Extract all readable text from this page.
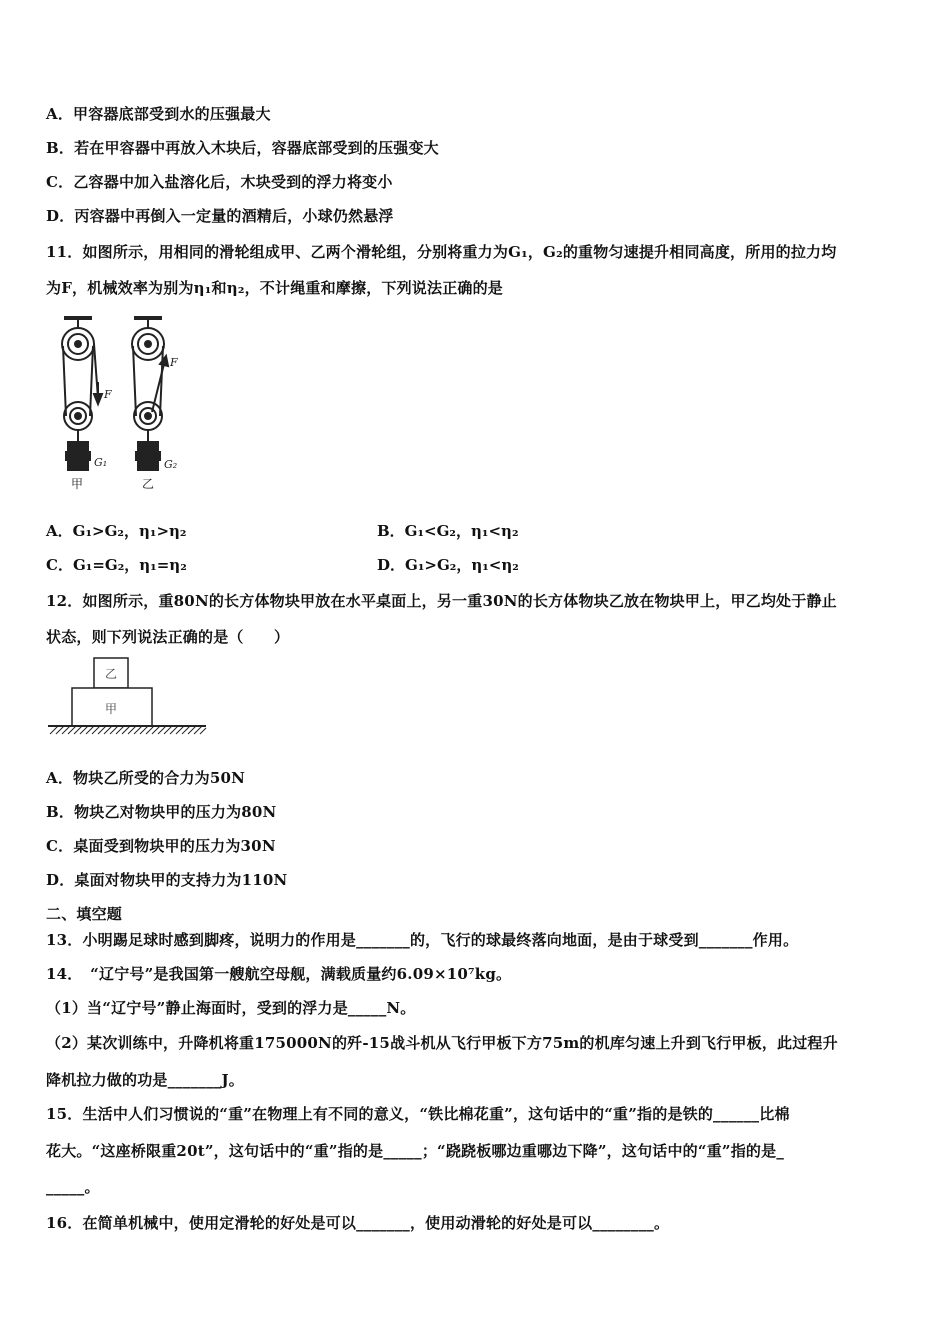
A．甲容器底部受到水的压强最大
B．若在甲容器中再放入木块后，容器底部受到的压强变大
C．乙容器中加入盐溶化后，木块受到的浮力将变小
D．丙容器中再倒入一定量的酒精后，小球仍然悬浮
11．如图所示，用相同的滑轮组成甲、乙两个滑轮组，分别将重力为G₁，G₂的重物匀速提升相同高度，所用的拉力均
为F，机械效率为别为η₁和η₂，不计绳重和摩擦，下列说法正确的是
F
G₁
甲
F
G₂
乙
A．G₁>G₂，η₁>η₂	B．G₁<G₂，η₁<η₂
C．G₁=G₂，η₁=η₂	D．G₁>G₂，η₁<η₂
12．如图所示，重80N的长方体物块甲放在水平桌面上，另一重30N的长方体物块乙放在物块甲上，甲乙均处于静止
状态，则下列说法正确的是（　　）
乙
甲
A．物块乙所受的合力为50N
B．物块乙对物块甲的压力为80N
C．桌面受到物块甲的压力为30N
D．桌面对物块甲的支持力为110N
二、填空题
13．小明踢足球时感到脚疼，说明力的作用是_______的，飞行的球最终落向地面，是由于球受到_______作用。
14．　“辽宁号”是我国第一艘航空母舰，满载质量约6.09×10⁷kg。
（1）当“辽宁号”静止海面时，受到的浮力是_____N。
（2）某次训练中，升降机将重175000N的歼-15战斗机从飞行甲板下方75m的机库匀速上升到飞行甲板，此过程升
降机拉力做的功是_______J。
15．生活中人们习惯说的“重”在物理上有不同的意义，“铁比棉花重”，这句话中的“重”指的是铁的______比棉
花大。“这座桥限重20t”，这句话中的“重”指的是_____；“跷跷板哪边重哪边下降”，这句话中的“重”指的是_
_____。
16．在简单机械中，使用定滑轮的好处是可以_______，使用动滑轮的好处是可以________。
